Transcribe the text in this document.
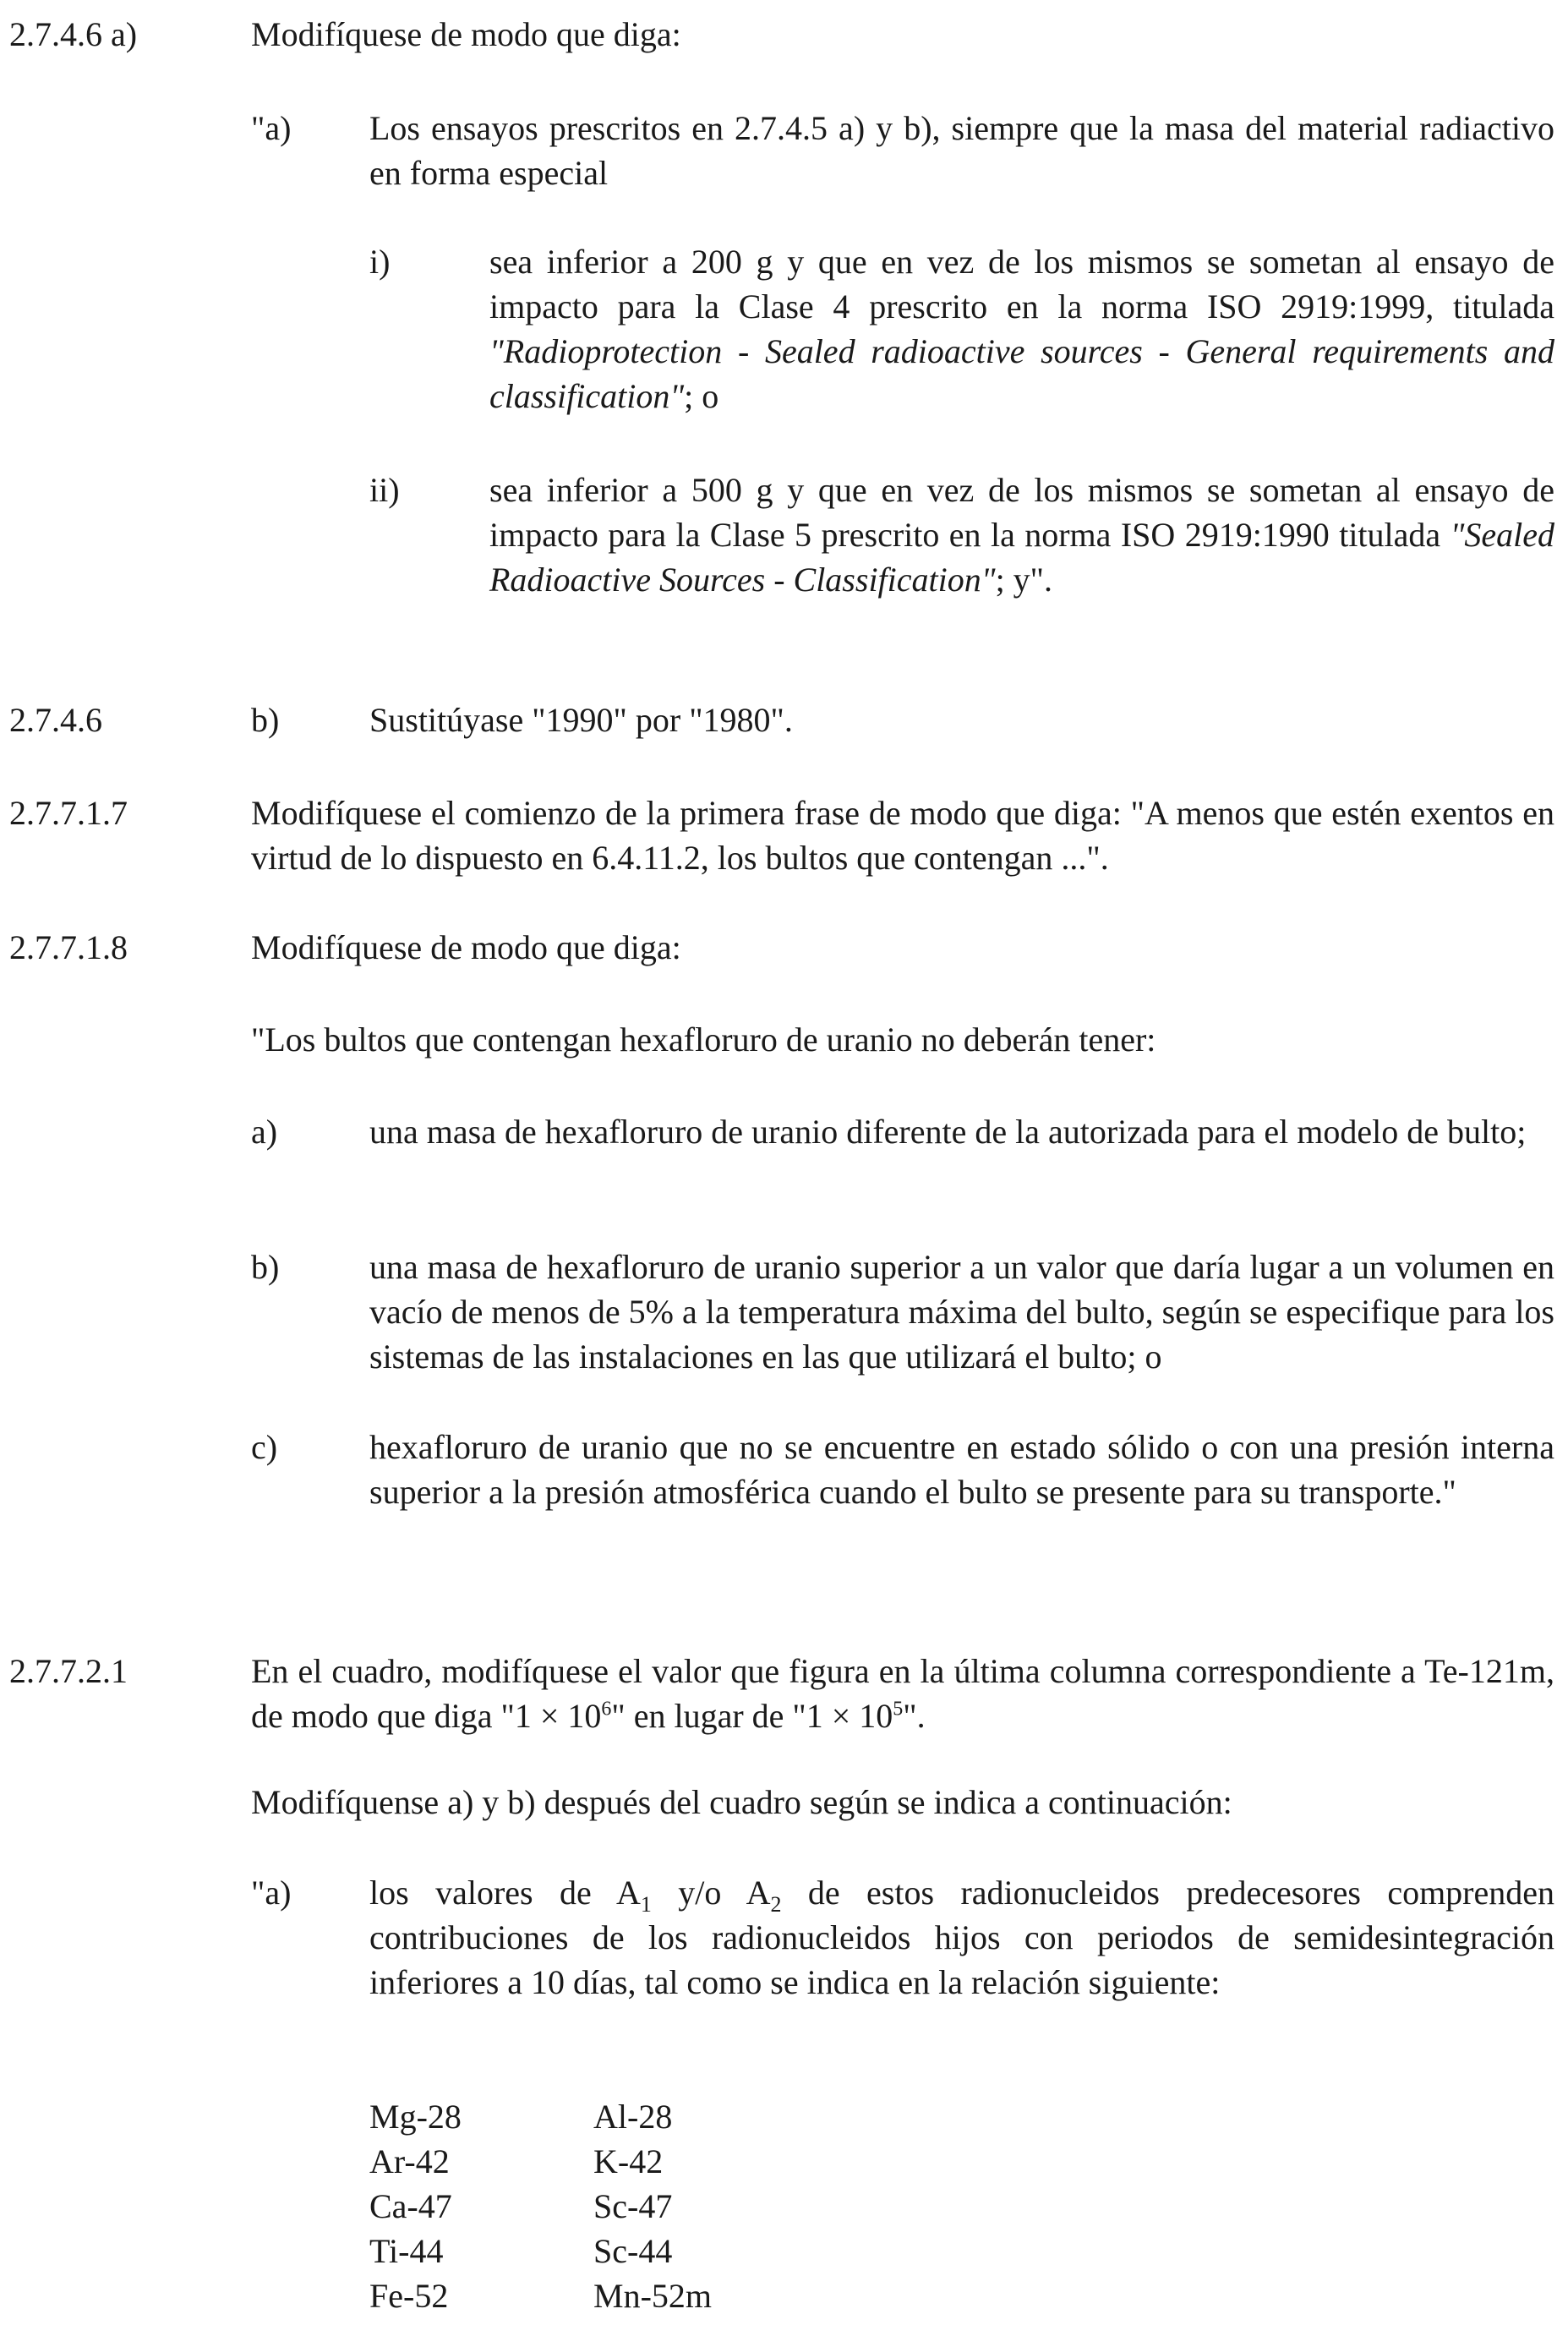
2.7.4.6 a)	Modifíquese de modo que diga:
"a) Los ensayos prescritos en 2.7.4.5 a) y b), siempre que la masa del material radiactivo en forma especial
i)	sea inferior a 200 g y que en vez de los mismos se sometan al ensayo de impacto para la Clase 4 prescrito en la norma ISO 2919:1999, titulada "Radioprotection - Sealed radioactive sources - General requirements and classification"; o
ii)	sea inferior a 500 g y que en vez de los mismos se sometan al ensayo de impacto para la Clase 5 prescrito en la norma ISO 2919:1990 titulada "Sealed Radioactive Sources - Classification"; y".
2.7.4.6	b)	Sustitúyase "1990" por "1980".
2.7.7.1.7	Modifíquese el comienzo de la primera frase de modo que diga: "A menos que estén exentos en virtud de lo dispuesto en 6.4.11.2, los bultos que contengan ...".
2.7.7.1.8	Modifíquese de modo que diga:
"Los bultos que contengan hexafloruro de uranio no deberán tener:
a)	una masa de hexafloruro de uranio diferente de la autorizada para el modelo de bulto;
b)	una masa de hexafloruro de uranio superior a un valor que daría lugar a un volumen en vacío de menos de 5% a la temperatura máxima del bulto, según se especifique para los sistemas de las instalaciones en las que utilizará el bulto; o
c)	hexafloruro de uranio que no se encuentre en estado sólido o con una presión interna superior a la presión atmosférica cuando el bulto se presente para su transporte."
2.7.7.2.1	En el cuadro, modifíquese el valor que figura en la última columna correspondiente a Te-121m, de modo que diga "$1 \times 10^6$" en lugar de "$1 \times 10^5$".
Modifíquense a) y b) después del cuadro según se indica a continuación:
"a) los valores de $A_1$ y/o $A_2$ de estos radionucleidos predecesores comprenden contribuciones de los radionucleidos hijos con periodos de semidesintegración inferiores a 10 días, tal como se indica en la relación siguiente:
Mg-28	Al-28
Ar-42	K-42
Ca-47	Sc-47
Ti-44	Sc-44
Fe-52	Mn-52m
